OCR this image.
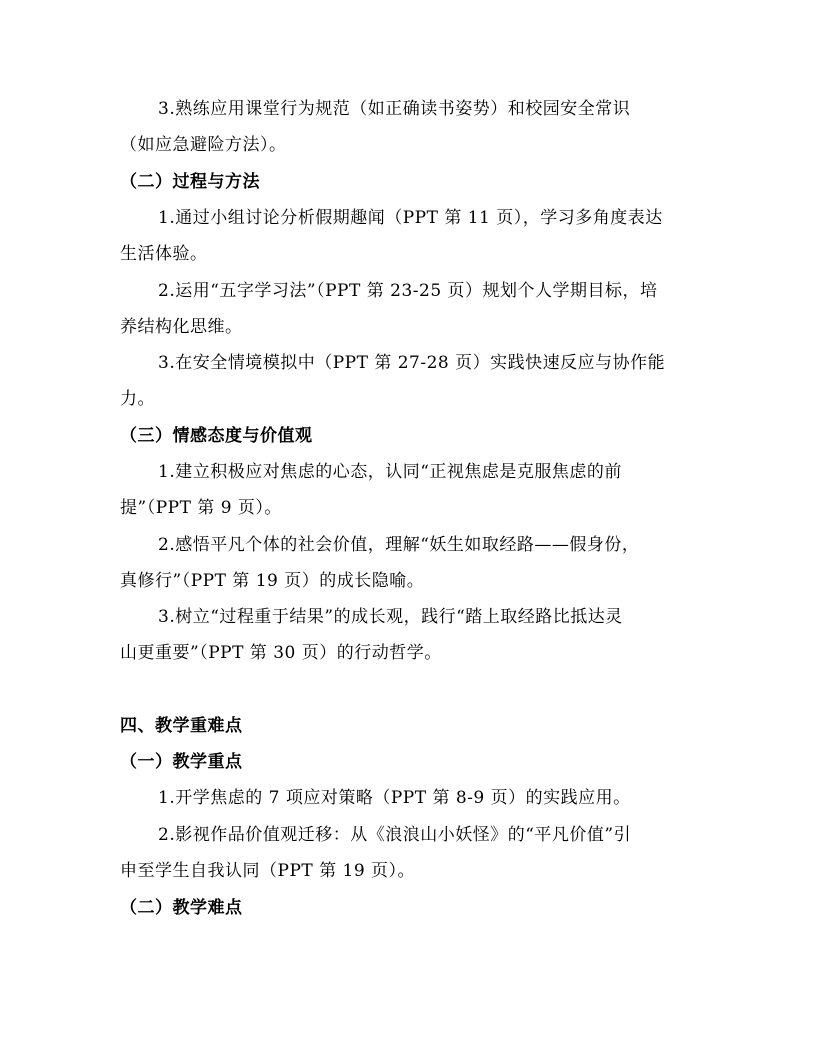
3.熟练应用课堂行为规范（如正确读书姿势）和校园安全常识
（如应急避险方法）。
（二）过程与方法
1.通过小组讨论分析假期趣闻（PPT 第 11 页），学习多角度表达
生活体验。
2.运用“五字学习法”（PPT 第 23-25 页）规划个人学期目标，培
养结构化思维。
3.在安全情境模拟中（PPT 第 27-28 页）实践快速反应与协作能
力。
（三）情感态度与价值观
1.建立积极应对焦虑的心态，认同“正视焦虑是克服焦虑的前
提”（PPT 第 9 页）。
2.感悟平凡个体的社会价值，理解“妖生如取经路——假身份，
真修行”（PPT 第 19 页）的成长隐喻。
3.树立“过程重于结果”的成长观，践行“踏上取经路比抵达灵
山更重要”（PPT 第 30 页）的行动哲学。
四、教学重难点
（一）教学重点
1.开学焦虑的 7 项应对策略（PPT 第 8-9 页）的实践应用。
2.影视作品价值观迁移：从《浪浪山小妖怪》的“平凡价值”引
申至学生自我认同（PPT 第 19 页）。
（二）教学难点
